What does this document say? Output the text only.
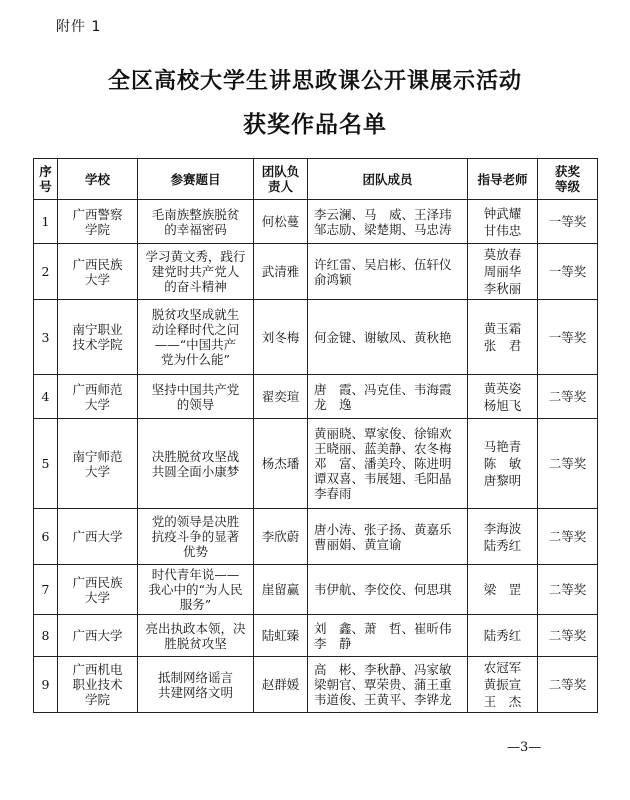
附件 1
全区高校大学生讲思政课公开课展示活动
获奖作品名单
序
号	学校	参赛题目	团队负
责人	团队成员	指导老师	获奖
等级

1	广西警察
学院	毛南族整族脱贫
的幸福密码	何松蔓	李云澜、马　威、王泽玮
邹志励、梁楚期、马忠涛	钟武耀
甘伟忠	一等奖
2	广西民族
大学	学习黄文秀，践行
建党时共产党人
的奋斗精神	武清雅	许红雷、吴启彬、伍轩仪
俞鸿颖	莫放春
周丽华
李秋丽	一等奖
3	南宁职业
技术学院	脱贫攻坚成就生
动诠释时代之问
——“中国共产
党为什么能”	刘冬梅	何金键、谢敏凤、黄秋艳	黄玉霜
张　君	一等奖
4	广西师范
大学	坚持中国共产党
的领导	翟奕瑄	唐　霞、冯克佳、韦海霞
龙　逸	黄英姿
杨旭飞	二等奖
5	南宁师范
大学	决胜脱贫攻坚战
共圆全面小康梦	杨杰璠	黄丽晓、覃家俊、徐锦欢
王晓丽、蓝美静、农冬梅
邓　富、潘美玲、陈进明
谭双喜、韦展翅、毛阳晶
李春雨	马艳青
陈　敏
唐黎明	二等奖
6	广西大学	党的领导是决胜
抗疫斗争的显著
优势	李欣蔚	唐小涛、张子扬、黄嘉乐
曹丽娟、黄宣谕	李海波
陆秀红	二等奖
7	广西民族
大学	时代青年说——
我心中的“为人民
服务”	崖留赢	韦伊航、李佼佼、何思琪	梁　罡	二等奖
8	广西大学	亮出执政本领，决
胜脱贫攻坚	陆虹臻	刘　鑫、萧　哲、崔昕伟
李　静	陆秀红	二等奖
9	广西机电
职业技术
学院	抵制网络谣言
共建网络文明	赵群媛	高　彬、李秋静、冯家敏
梁朝官、覃荣贵、蒲王重
韦道俊、王黄平、李铧龙	农冠军
黄振宣
王　杰	二等奖
—3—
